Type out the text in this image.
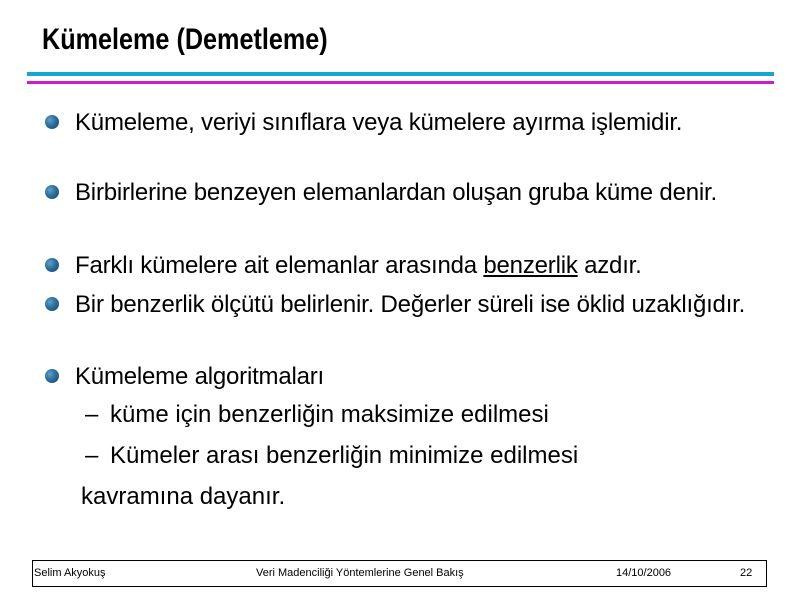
Kümeleme (Demetleme)
Kümeleme, veriyi sınıflara veya kümelere ayırma işlemidir.
Birbirlerine benzeyen elemanlardan oluşan gruba küme denir.
Farklı kümelere ait elemanlar arasında benzerlik azdır.
Bir benzerlik ölçütü belirlenir. Değerler süreli ise öklid uzaklığıdır.
Kümeleme algoritmaları
– küme için benzerliğin maksimize edilmesi
– Kümeler arası benzerliğin minimize edilmesi
kavramına dayanır.
Selim Akyokuş	Veri Madenciliği Yöntemlerine Genel Bakış	14/10/2006	22
